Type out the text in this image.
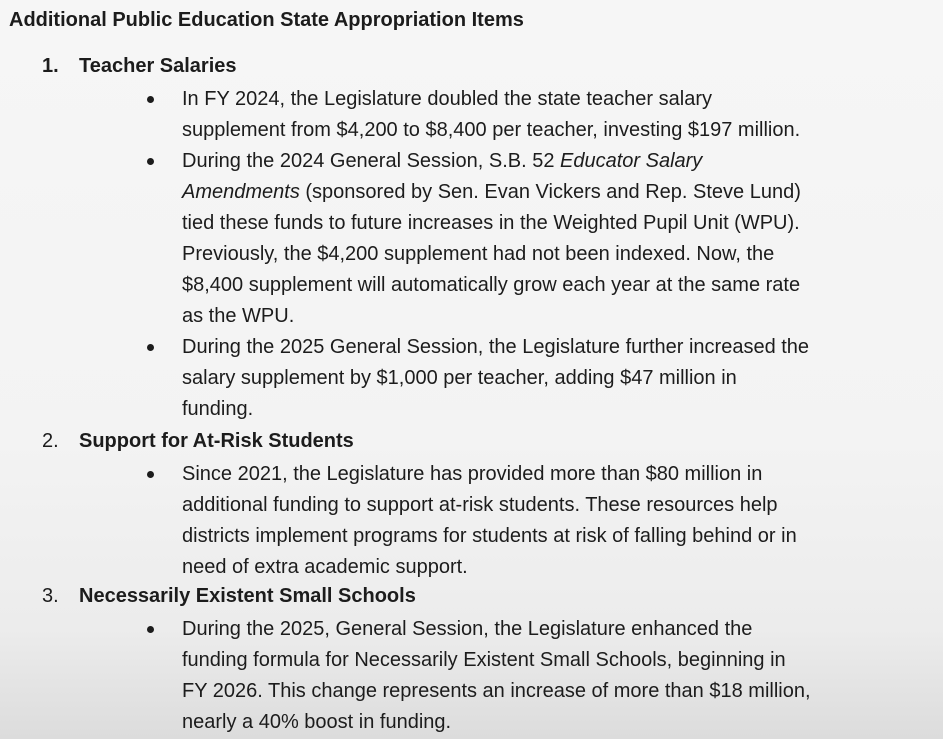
Additional Public Education State Appropriation Items
1. Teacher Salaries
In FY 2024, the Legislature doubled the state teacher salary
supplement from $4,200 to $8,400 per teacher, investing $197 million.
During the 2024 General Session, S.B. 52 Educator Salary
Amendments (sponsored by Sen. Evan Vickers and Rep. Steve Lund)
tied these funds to future increases in the Weighted Pupil Unit (WPU).
Previously, the $4,200 supplement had not been indexed. Now, the
$8,400 supplement will automatically grow each year at the same rate
as the WPU.
During the 2025 General Session, the Legislature further increased the
salary supplement by $1,000 per teacher, adding $47 million in
funding.
2. Support for At-Risk Students
Since 2021, the Legislature has provided more than $80 million in
additional funding to support at-risk students. These resources help
districts implement programs for students at risk of falling behind or in
need of extra academic support.
3. Necessarily Existent Small Schools
During the 2025, General Session, the Legislature enhanced the
funding formula for Necessarily Existent Small Schools, beginning in
FY 2026. This change represents an increase of more than $18 million,
nearly a 40% boost in funding.
